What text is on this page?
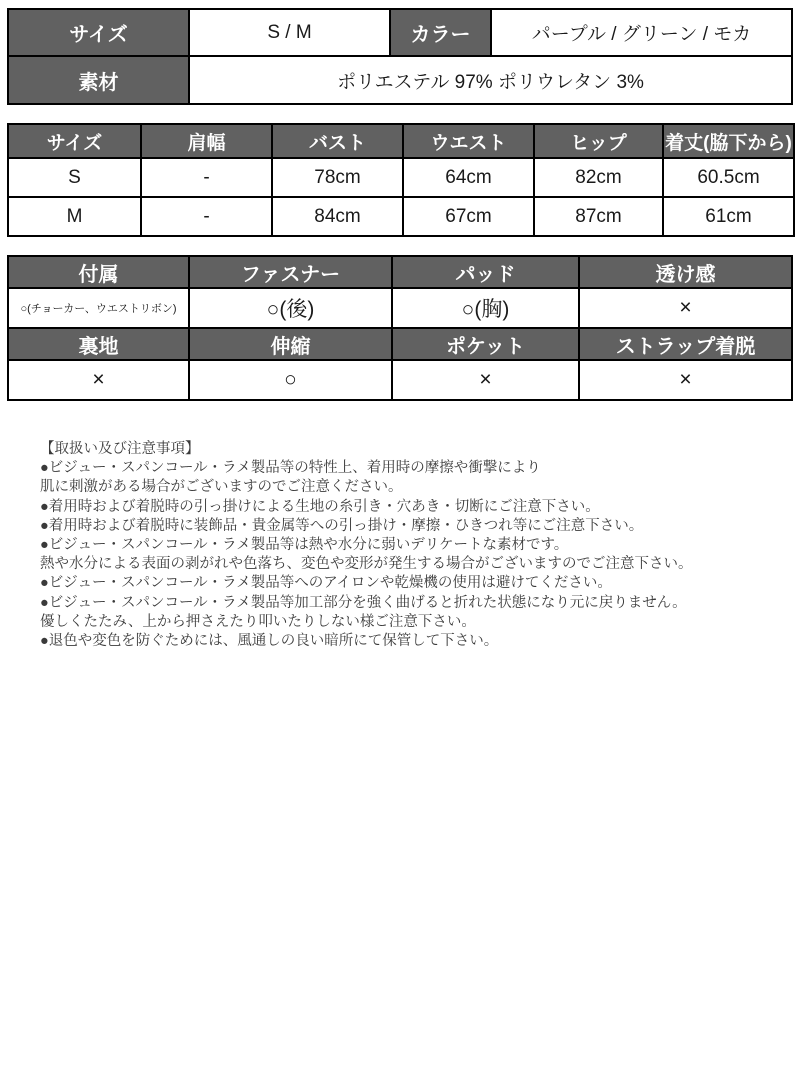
サイズ	S / M	カラー	パープル / グリーン / モカ
素材	ポリエステル 97% ポリウレタン 3%		
サイズ	肩幅	バスト	ウエスト	ヒップ	着丈(脇下から)
S	-	78cm	64cm	82cm	60.5cm
M	-	84cm	67cm	87cm	61cm
付属	ファスナー	パッド	透け感
○(チョーカー、ウエストリボン)	○(後)	○(胸)	×
裏地	伸縮	ポケット	ストラップ着脱
×	○	×	×
【取扱い及び注意事項】
●ビジュー・スパンコール・ラメ製品等の特性上、着用時の摩擦や衝撃により
肌に刺激がある場合がございますのでご注意ください。
●着用時および着脱時の引っ掛けによる生地の糸引き・穴あき・切断にご注意下さい。
●着用時および着脱時に装飾品・貴金属等への引っ掛け・摩擦・ひきつれ等にご注意下さい。
●ビジュー・スパンコール・ラメ製品等は熱や水分に弱いデリケートな素材です。
熱や水分による表面の剥がれや色落ち、変色や変形が発生する場合がございますのでご注意下さい。
●ビジュー・スパンコール・ラメ製品等へのアイロンや乾燥機の使用は避けてください。
●ビジュー・スパンコール・ラメ製品等加工部分を強く曲げると折れた状態になり元に戻りません。
優しくたたみ、上から押さえたり叩いたりしない様ご注意下さい。
●退色や変色を防ぐためには、風通しの良い暗所にて保管して下さい。
